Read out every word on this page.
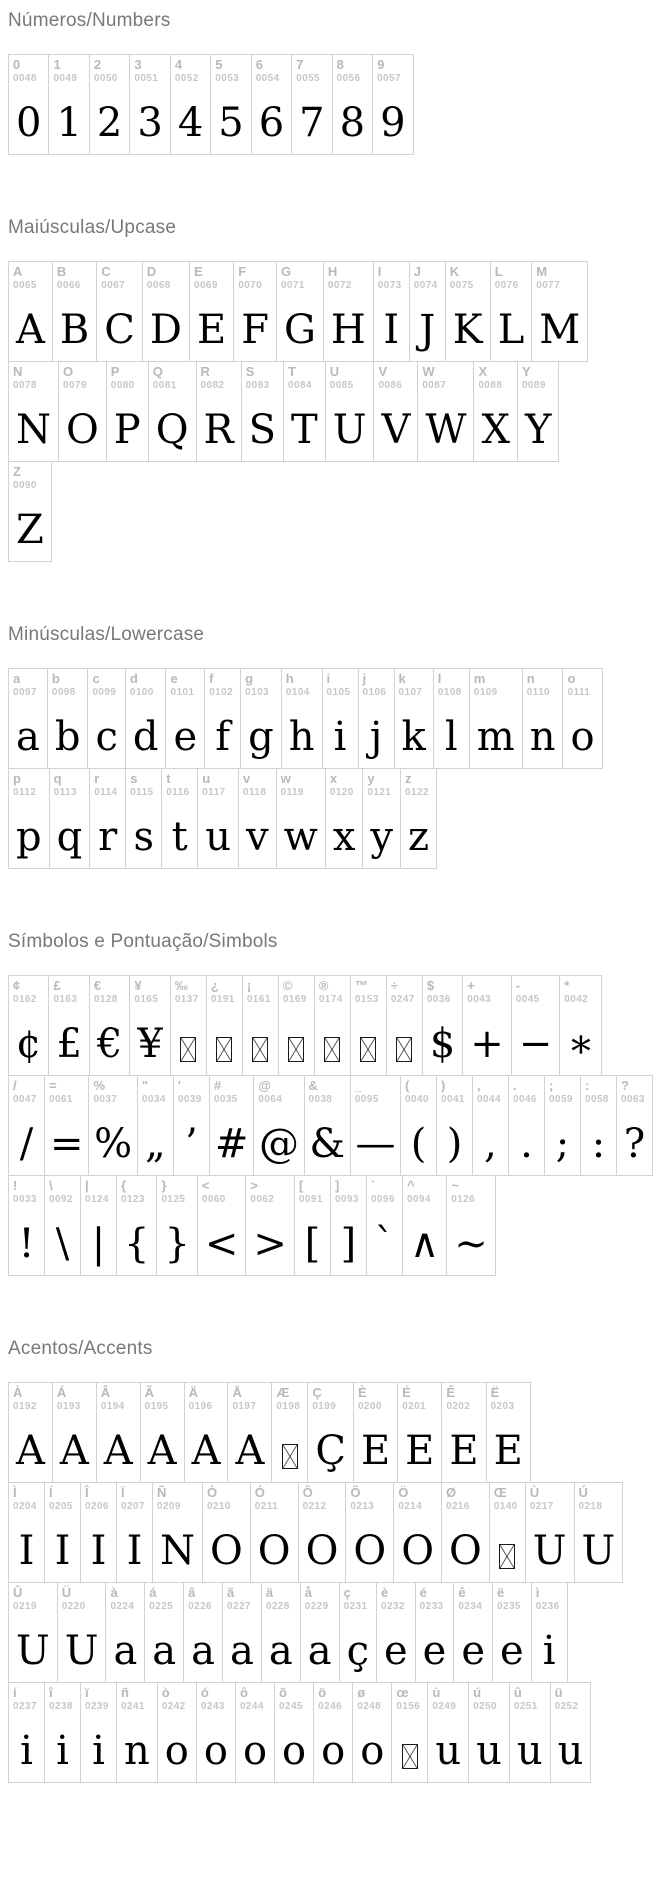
Números/Numbers
0
0048
0
1
0049
1
2
0050
2
3
0051
3
4
0052
4
5
0053
5
6
0054
6
7
0055
7
8
0056
8
9
0057
9
Maiúsculas/Upcase
A
0065
A
B
0066
B
C
0067
C
D
0068
D
E
0069
E
F
0070
F
G
0071
G
H
0072
H
I
0073
I
J
0074
J
K
0075
K
L
0076
L
M
0077
M
N
0078
N
O
0079
O
P
0080
P
Q
0081
Q
R
0082
R
S
0083
S
T
0084
T
U
0085
U
V
0086
V
W
0087
W
X
0088
X
Y
0089
Y
Z
0090
Z
Minúsculas/Lowercase
a
0097
a
b
0098
b
c
0099
c
d
0100
d
e
0101
e
f
0102
f
g
0103
g
h
0104
h
i
0105
i
j
0106
j
k
0107
k
l
0108
l
m
0109
m
n
0110
n
o
0111
o
p
0112
p
q
0113
q
r
0114
r
s
0115
s
t
0116
t
u
0117
u
v
0118
v
w
0119
w
x
0120
x
y
0121
y
z
0122
z
Símbolos e Pontuação/Simbols
¢
0162
¢
£
0163
£
€
0128
€
¥
0165
¥
‰
0137
¿
0191
¡
0161
©
0169
®
0174
™
0153
÷
0247
$
0036
$
+
0043
+
-
0045
−
*
0042
∗
/
0047
/
=
0061
=
%
0037
%
"
0034
„
'
0039
’
#
0035
#
@
0064
@
&
0038
&
_
0095
—
(
0040
(
)
0041
)
,
0044
,
.
0046
.
;
0059
;
:
0058
:
?
0063
?
!
0033
!
\
0092
\
|
0124
|
{
0123
{
}
0125
}
<
0060
<
>
0062
>
[
0091
[
]
0093
]
`
0096
ˋ
^
0094
∧
~
0126
∼
Acentos/Accents
À
0192
A
Á
0193
A
Â
0194
A
Ã
0195
A
Ä
0196
A
Å
0197
A
Æ
0198
Ç
0199
Ç
È
0200
E
É
0201
E
Ê
0202
E
Ë
0203
E
Ì
0204
I
Í
0205
I
Î
0206
I
Ï
0207
I
Ñ
0209
N
Ò
0210
O
Ó
0211
O
Ô
0212
O
Õ
0213
O
Ö
0214
O
Ø
0216
O
Œ
0140
Ù
0217
U
Ú
0218
U
Û
0219
U
Ü
0220
U
à
0224
a
á
0225
a
â
0226
a
ã
0227
a
ä
0228
a
å
0229
a
ç
0231
ç
è
0232
e
é
0233
e
ê
0234
e
ë
0235
e
ì
0236
i
í
0237
i
î
0238
i
ï
0239
i
ñ
0241
n
ò
0242
o
ó
0243
o
ô
0244
o
õ
0245
o
ö
0246
o
ø
0248
o
œ
0156
ù
0249
u
ú
0250
u
û
0251
u
ü
0252
u
